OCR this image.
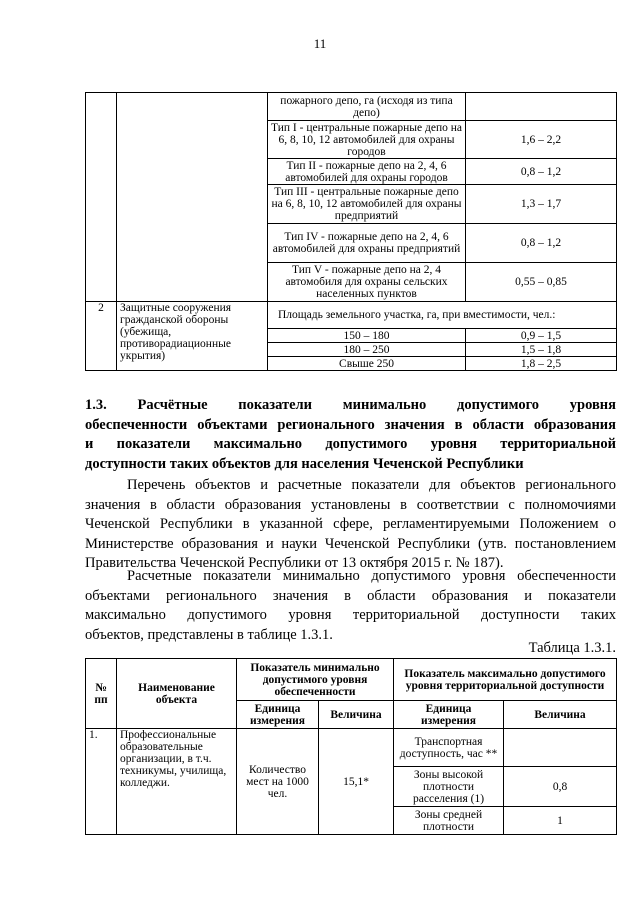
11
		пожарного депо, га (исходя из типа депо)	
		Тип I - центральные пожарные депо на 6, 8, 10, 12 автомобилей для охраны городов	1,6 – 2,2
		Тип II - пожарные депо на 2, 4, 6 автомобилей для охраны городов	0,8 – 1,2
		Тип III - центральные пожарные депо на 6, 8, 10, 12 автомобилей для охраны предприятий	1,3 – 1,7
		Тип IV - пожарные депо на 2, 4, 6 автомобилей для охраны предприятий	0,8 – 1,2
		Тип V - пожарные депо на 2, 4 автомобиля для охраны сельских населенных пунктов	0,55 – 0,85
2	Защитные сооружения гражданской обороны (убежища, противорадиационные укрытия)	Площадь земельного участка, га, при вместимости, чел.:	
		150 – 180	0,9 – 1,5
		180 – 250	1,5 – 1,8
		Свыше 250	1,8 – 2,5
1.3. Расчётные показатели минимально допустимого уровня
обеспеченности объектами регионального значения в области образования
и показатели максимально допустимого уровня территориальной
доступности таких объектов для населения Чеченской Республики
Перечень объектов и расчетные показатели для объектов регионального
значения в области образования установлены в соответствии с полномочиями
Чеченской Республики в указанной сфере, регламентируемыми Положением о
Министерстве образования и науки Чеченской Республики (утв. постановлением
Правительства Чеченской Республики от 13 октября 2015 г. № 187).
Расчетные показатели минимально допустимого уровня обеспеченности
объектами регионального значения в области образования и показатели
максимально допустимого уровня территориальной доступности таких
объектов, представлены в таблице 1.3.1.
Таблица 1.3.1.
№ пп	Наименование объекта	Показатель минимально допустимого уровня обеспеченности		Показатель максимально допустимого уровня территориальной доступности	
		Единица измерения	Величина	Единица измерения	Величина
1.	Профессиональные образовательные организации, в т.ч. техникумы, училища, колледжи.	Количество мест на 1000 чел.	15,1*	Транспортная доступность, час **	
				Зоны высокой плотности расселения (1)	0,8
				Зоны средней плотности	1
